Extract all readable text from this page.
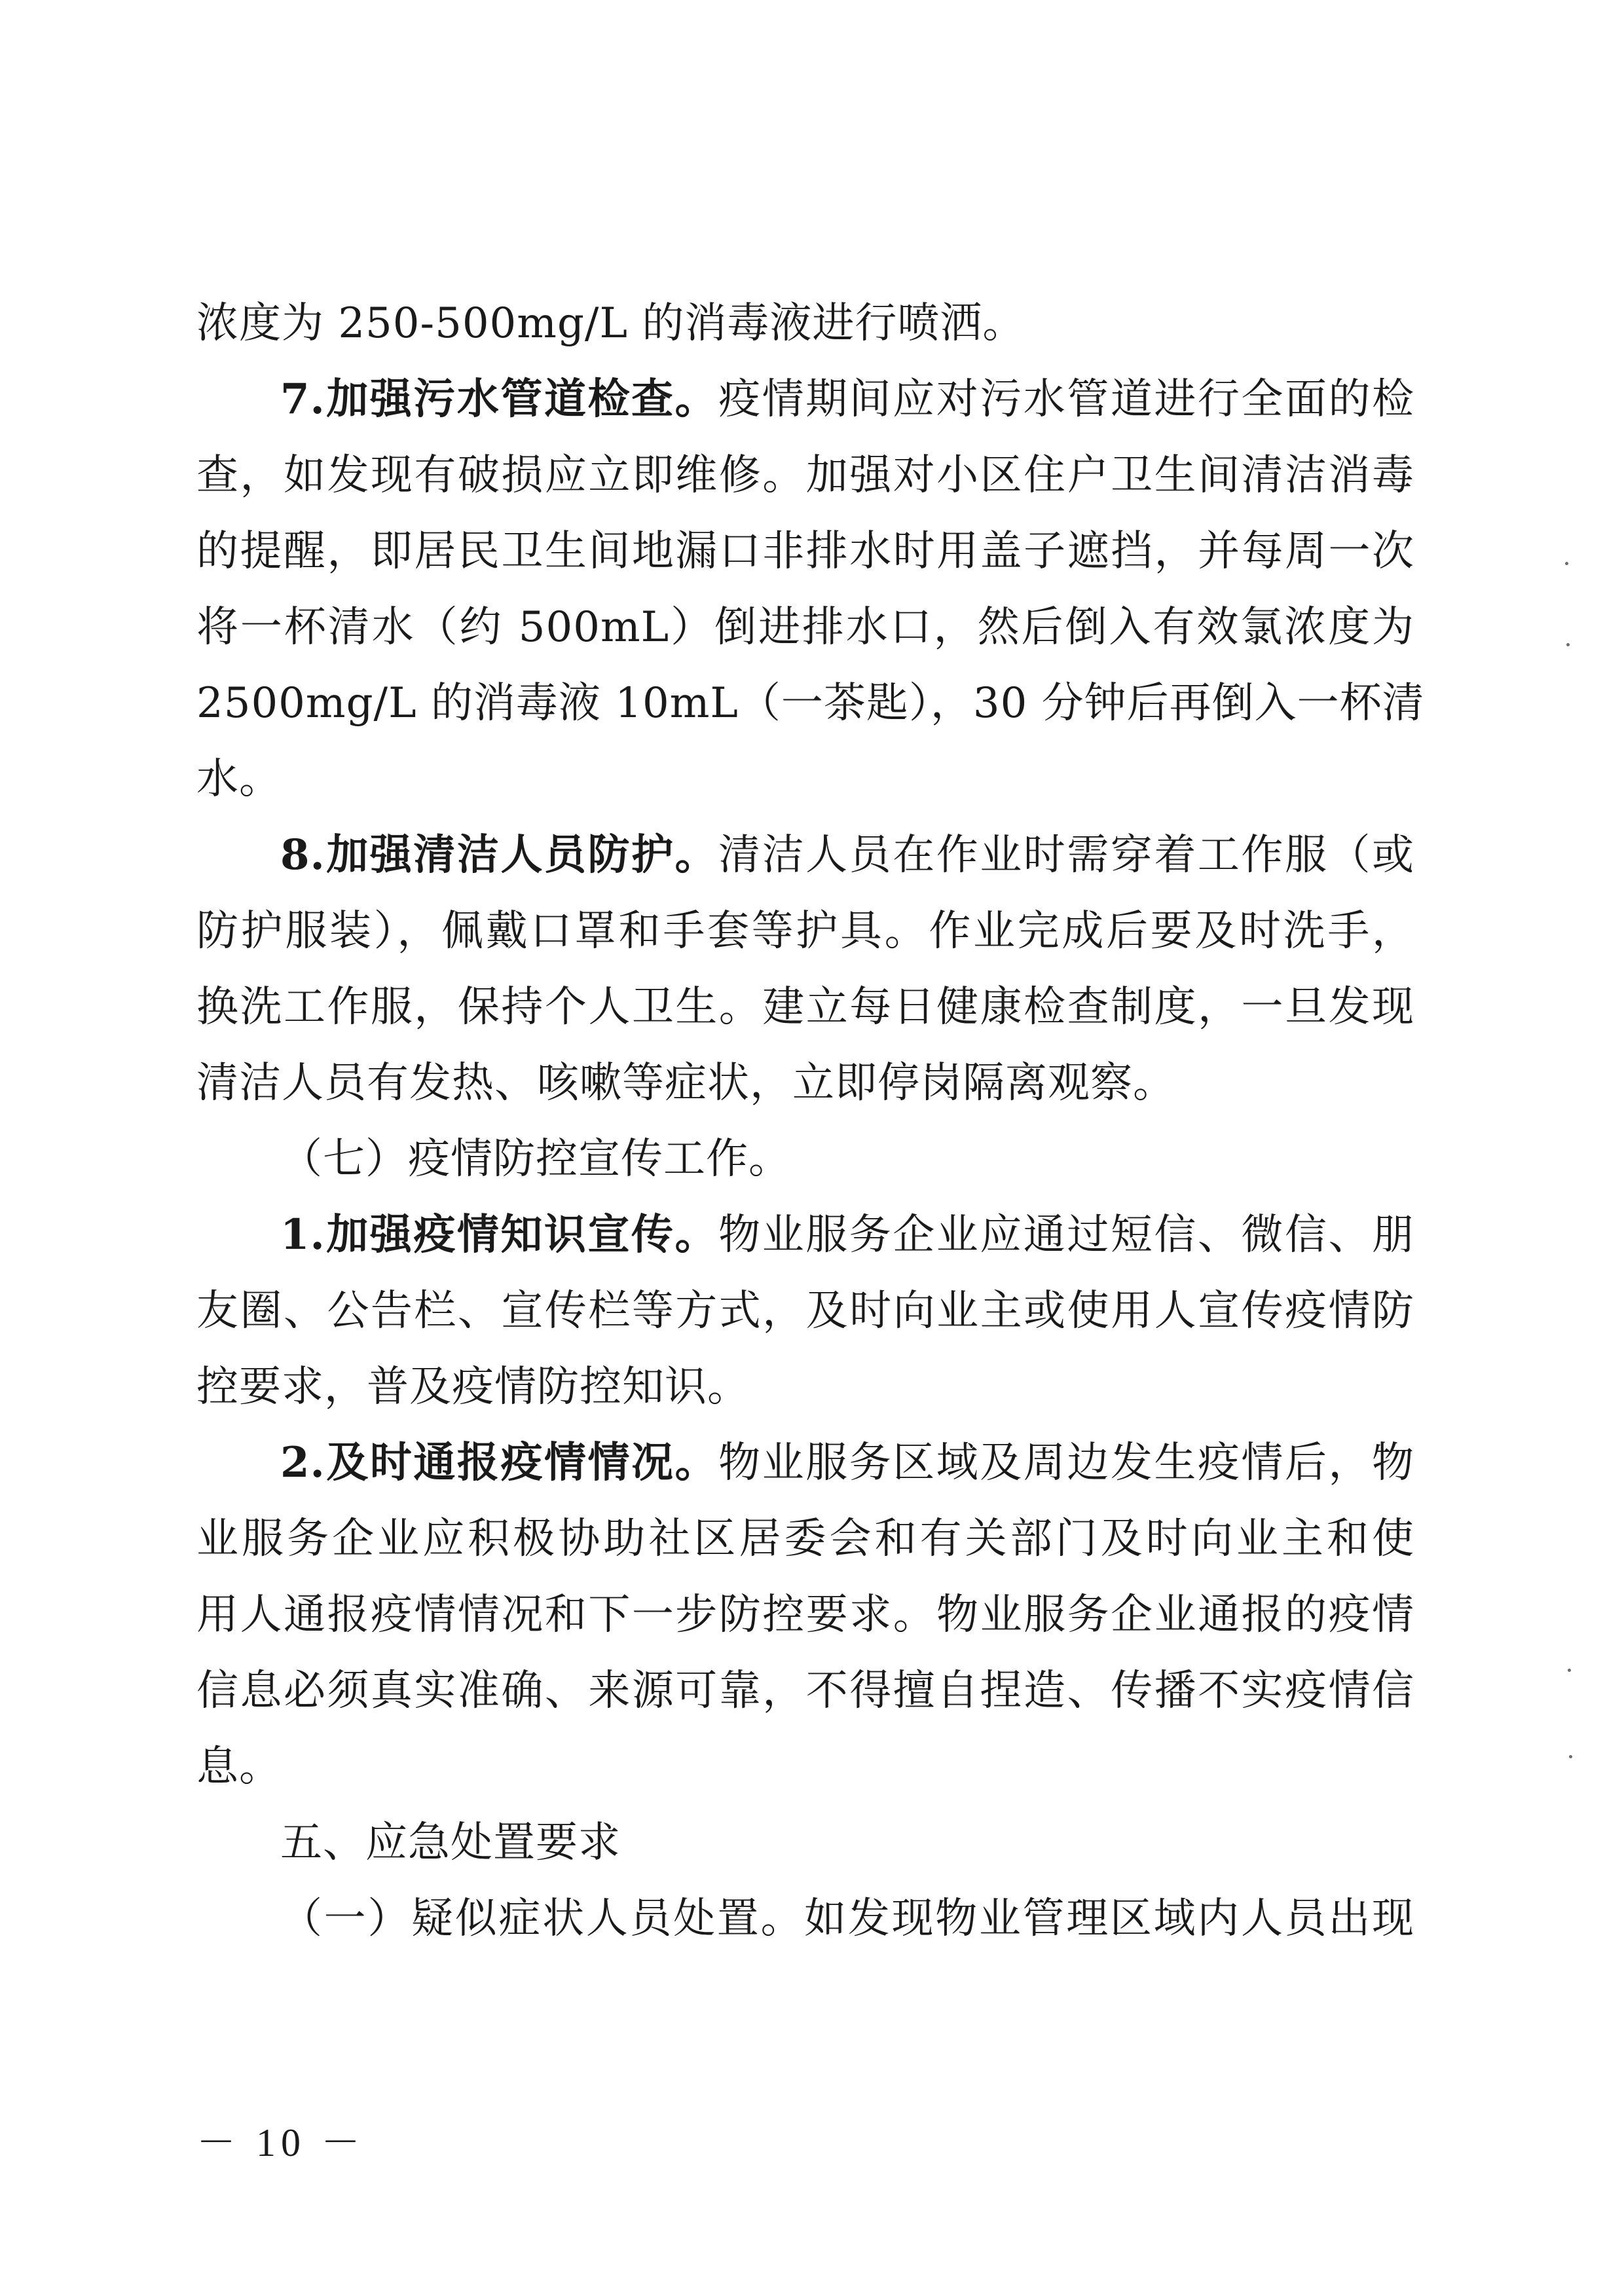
浓度为 250-500mg/L 的消毒液进行喷洒。
7.加强污水管道检查。疫情期间应对污水管道进行全面的检
查，如发现有破损应立即维修。加强对小区住户卫生间清洁消毒
的提醒，即居民卫生间地漏口非排水时用盖子遮挡，并每周一次
将一杯清水（约 500mL）倒进排水口，然后倒入有效氯浓度为
2500mg/L 的消毒液 10mL（一茶匙），30 分钟后再倒入一杯清
水。
8.加强清洁人员防护。清洁人员在作业时需穿着工作服（或
防护服装），佩戴口罩和手套等护具。作业完成后要及时洗手，
换洗工作服，保持个人卫生。建立每日健康检查制度，一旦发现
清洁人员有发热、咳嗽等症状，立即停岗隔离观察。
（七）疫情防控宣传工作。
1.加强疫情知识宣传。物业服务企业应通过短信、微信、朋
友圈、公告栏、宣传栏等方式，及时向业主或使用人宣传疫情防
控要求，普及疫情防控知识。
2.及时通报疫情情况。物业服务区域及周边发生疫情后，物
业服务企业应积极协助社区居委会和有关部门及时向业主和使
用人通报疫情情况和下一步防控要求。物业服务企业通报的疫情
信息必须真实准确、来源可靠，不得擅自捏造、传播不实疫情信
息。
五、应急处置要求
（一）疑似症状人员处置。如发现物业管理区域内人员出现
－ 10 －
